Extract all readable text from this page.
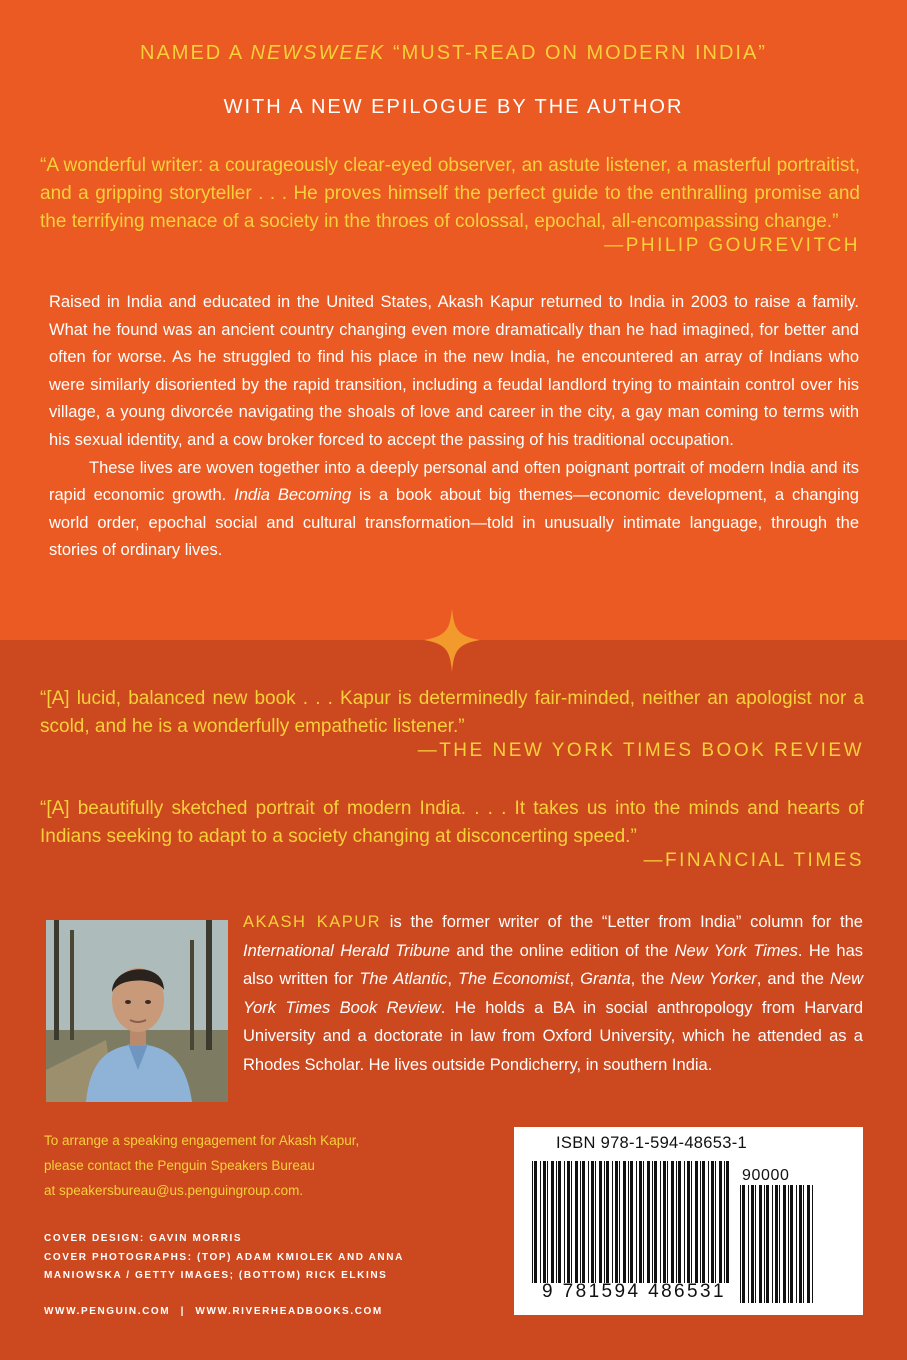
NAMED A NEWSWEEK “MUST-READ ON MODERN INDIA”
WITH A NEW EPILOGUE BY THE AUTHOR

“A wonderful writer: a courageously clear-eyed observer, an astute listener, a masterful portraitist, and a gripping storyteller . . . He proves himself the perfect guide to the enthralling promise and the terrifying menace of a society in the throes of colossal, epochal, all-encompassing change.”

—PHILIP GOUREVITCH

Raised in India and educated in the United States, Akash Kapur returned to India in 2003 to raise a family. What he found was an ancient country changing even more dramatically than he had imagined, for better and often for worse. As he struggled to find his place in the new India, he encountered an array of Indians who were similarly disoriented by the rapid transition, including a feudal landlord trying to maintain control over his village, a young divorcée navigating the shoals of love and career in the city, a gay man coming to terms with his sexual identity, and a cow broker forced to accept the passing of his traditional occupation.

These lives are woven together into a deeply personal and often poignant portrait of modern India and its rapid economic growth. India Becoming is a book about big themes—economic development, a changing world order, epochal social and cultural transformation—told in unusually intimate language, through the stories of ordinary lives.

“[A] lucid, balanced new book . . . Kapur is determinedly fair-minded, neither an apologist nor a scold, and he is a wonderfully empathetic listener.”

—THE NEW YORK TIMES BOOK REVIEW

“[A] beautifully sketched portrait of modern India. . . . It takes us into the minds and hearts of Indians seeking to adapt to a society changing at disconcerting speed.”

—FINANCIAL TIMES

AKASH KAPUR is the former writer of the “Letter from India” column for the International Herald Tribune and the online edition of the New York Times. He has also written for The Atlantic, The Economist, Granta, the New Yorker, and the New York Times Book Review. He holds a BA in social anthropology from Harvard University and a doctorate in law from Oxford University, which he attended as a Rhodes Scholar. He lives outside Pondicherry, in southern India.

To arrange a speaking engagement for Akash Kapur,
please contact the Penguin Speakers Bureau
at speakersbureau@us.penguingroup.com.
COVER DESIGN: GAVIN MORRIS
COVER PHOTOGRAPHS: (TOP) ADAM KMIOLEK AND ANNA
MANIOWSKA / GETTY IMAGES; (BOTTOM) RICK ELKINS
WWW.PENGUIN.COM | WWW.RIVERHEADBOOKS.COM
ISBN 978-1-594-48653-1
90000
9 781594 486531
